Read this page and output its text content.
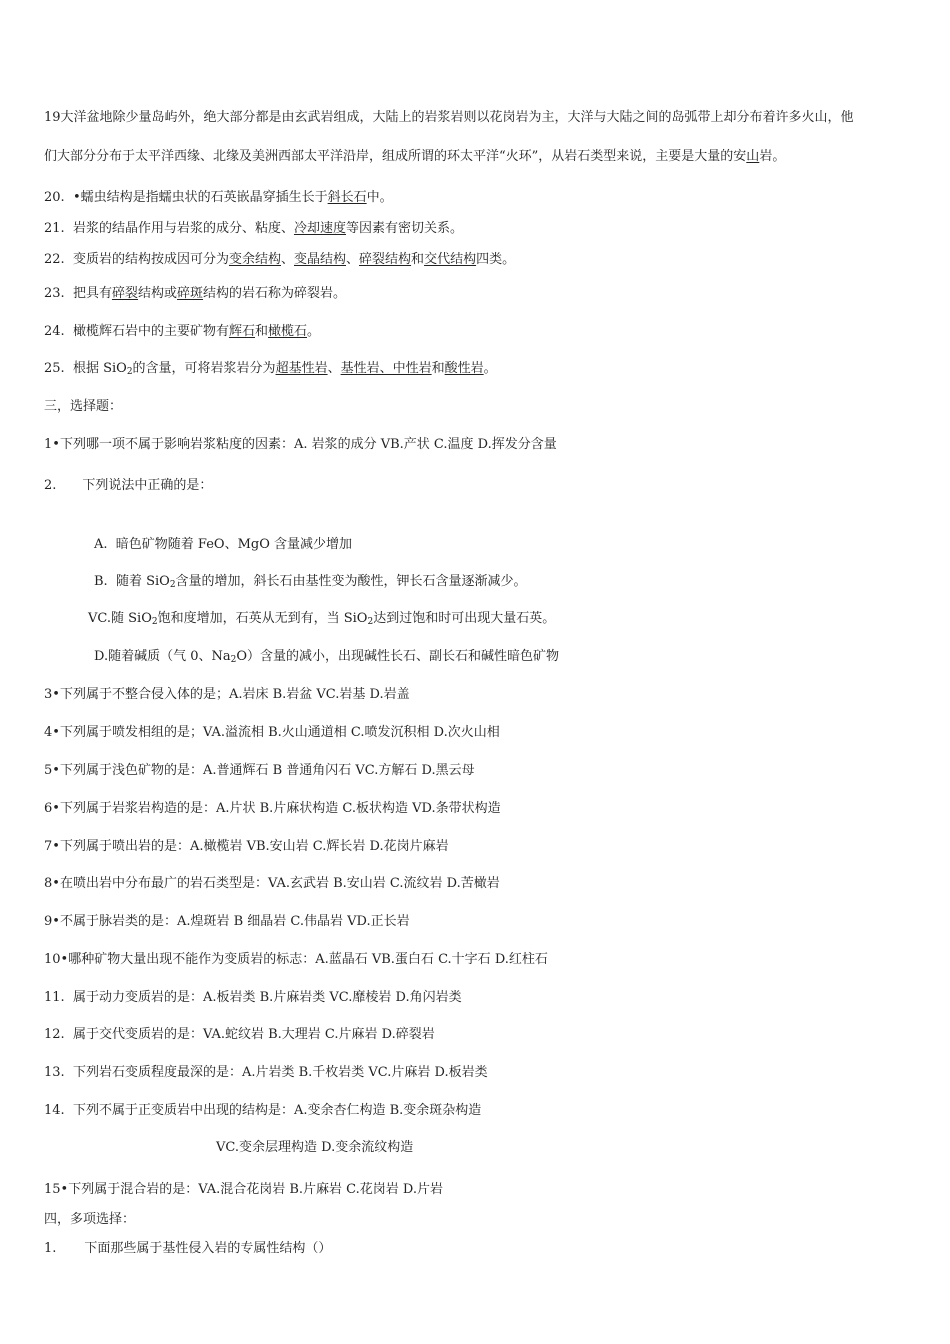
19大洋盆地除少量岛屿外，绝大部分都是由玄武岩组成，大陆上的岩浆岩则以花岗岩为主，大洋与大陆之间的岛弧带上却分布着许多火山，他
们大部分分布于太平洋西缘、北缘及美洲西部太平洋沿岸，组成所谓的环太平洋“火环”，从岩石类型来说，主要是大量的安山岩。
20. •蠕虫结构是指蠕虫状的石英嵌晶穿插生长于斜长石中。
21. 岩浆的结晶作用与岩浆的成分、粘度、冷却速度等因素有密切关系。
22. 变质岩的结构按成因可分为变余结构、变晶结构、碎裂结构和交代结构四类。
23. 把具有碎裂结构或碎斑结构的岩石称为碎裂岩。
24. 橄榄辉石岩中的主要矿物有辉石和橄榄石。
25. 根据 SiO$_2$的含量，可将岩浆岩分为超基性岩、基性岩、中性岩和酸性岩。
三，选择题：
1•下列哪一项不属于影响岩浆粘度的因素：A. 岩浆的成分 VB.产状 C.温度 D.挥发分含量
2. 下列说法中正确的是：
A. 暗色矿物随着 FeO、MgO 含量减少增加
B. 随着 SiO$_2$含量的增加，斜长石由基性变为酸性，钾长石含量逐渐减少。
VC.随 SiO$_2$饱和度增加，石英从无到有，当 SiO$_2$达到过饱和时可出现大量石英。
D.随着碱质（气 0、$Na_2O$）含量的减小，出现碱性长石、副长石和碱性暗色矿物
3•下列属于不整合侵入体的是；A.岩床 B.岩盆 VC.岩基 D.岩盖
4•下列属于喷发相组的是；VA.溢流相 B.火山通道相 C.喷发沉积相 D.次火山相
5•下列属于浅色矿物的是：A.普通辉石 B 普通角闪石 VC.方解石 D.黑云母
6•下列属于岩浆岩构造的是：A.片状 B.片麻状构造 C.板状构造 VD.条带状构造
7•下列属于喷出岩的是：A.橄榄岩 VB.安山岩 C.辉长岩 D.花岗片麻岩
8•在喷出岩中分布最广的岩石类型是：VA.玄武岩 B.安山岩 C.流纹岩 D.苦橄岩
9•不属于脉岩类的是：A.煌斑岩 B 细晶岩 C.伟晶岩 VD.正长岩
10•哪种矿物大量出现不能作为变质岩的标志：A.蓝晶石 VB.蛋白石 C.十字石 D.红柱石
11. 属于动力变质岩的是：A.板岩类 B.片麻岩类 VC.靡棱岩 D.角闪岩类
12. 属于交代变质岩的是：VA.蛇纹岩 B.大理岩 C.片麻岩 D.碎裂岩
13. 下列岩石变质程度最深的是：A.片岩类 B.千枚岩类 VC.片麻岩 D.板岩类
14. 下列不属于正变质岩中出现的结构是：A.变余杏仁构造 B.变余斑杂构造
VC.变余层理构造 D.变余流纹构造
15•下列属于混合岩的是：VA.混合花岗岩 B.片麻岩 C.花岗岩 D.片岩
四，多项选择：
1. 下面那些属于基性侵入岩的专属性结构（）
